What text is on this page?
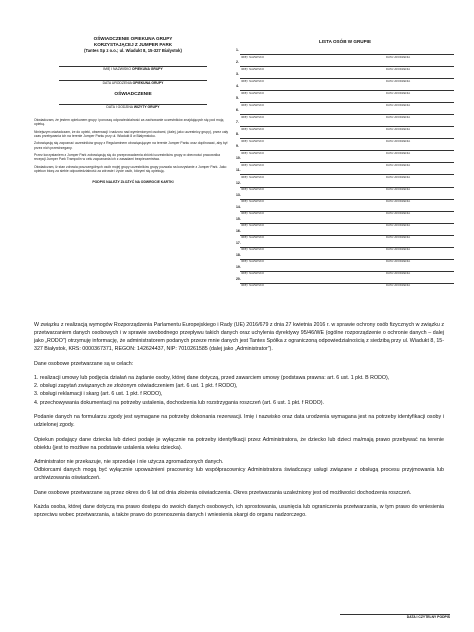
OŚWIADCZENIE OPIEKUNA GRUPY
KORZYSTAJĄCEJ Z JUMPER PARK
(Tantes Sp z o.o.; ul. Wiadukt 8, 15-327 Białystok)
IMIĘ I NAZWISKO OPIEKUNA GRUPY
DATA URODZENIA OPIEKUNA GRUPY
OŚWIADCZENIE
DATA I GODZINA WIZYTY GRUPY

Oświadczam, że jestem opiekunem grupy i ponoszę odpowiedzialność za zachowanie uczestników znajdujących się pod moją opieką.

Niniejszym oświadczam, że do opieki, obserwacji i nadzoru nad wymienionymi osobami, (dalej, jako uczestnicy grupy), przez cały czas przebywania ich na terenie Jumper Parku przy ul. Wiadukt 8 w Białymstoku.

Zobowiązuję się zapoznać uczestników grupy z Regulaminem obowiązującym na terenie Jumper Parku oraz dopilnować, aby był przez nich przestrzegany.

Przez korzystaniem z Jumper Park zobowiązuję się do przeprowadzenia zbiórki uczestników grupy w obecności pracownika recepcji Jumper Park Trampolin w celu zapoznania ich z zasadami bezpieczeństwa.

Oświadczam, iż stan zdrowia poszczególnych osób mojej grupy uczestników grupy pozwala na korzystanie z Jumper Park. Jako opiekun biorę za siebie odpowiedzialność za zdrowie i życie osób, którymi się opiekuję.

PODPIS NALEŻY ZŁOŻYĆ NA ODWROCIE KARTKI
LISTA OSÓB W GRUPIE
1.
IMIĘ I NAZWISKO	DATA URODZENIA
2.
IMIĘ I NAZWISKO	DATA URODZENIA
3.
IMIĘ I NAZWISKO	DATA URODZENIA
4.
IMIĘ I NAZWISKO	DATA URODZENIA
5.
IMIĘ I NAZWISKO	DATA URODZENIA
6.
IMIĘ I NAZWISKO	DATA URODZENIA
7.
IMIĘ I NAZWISKO	DATA URODZENIA
8.
IMIĘ I NAZWISKO	DATA URODZENIA
9.
IMIĘ I NAZWISKO	DATA URODZENIA
10.
IMIĘ I NAZWISKO	DATA URODZENIA
11.
IMIĘ I NAZWISKO	DATA URODZENIA
12.
IMIĘ I NAZWISKO	DATA URODZENIA
13.
IMIĘ I NAZWISKO	DATA URODZENIA
14.
IMIĘ I NAZWISKO	DATA URODZENIA
15.
IMIĘ I NAZWISKO	DATA URODZENIA
16.
IMIĘ I NAZWISKO	DATA URODZENIA
17.
IMIĘ I NAZWISKO	DATA URODZENIA
18.
IMIĘ I NAZWISKO	DATA URODZENIA
19.
IMIĘ I NAZWISKO	DATA URODZENIA
20.
IMIĘ I NAZWISKO	DATA URODZENIA

W związku z realizacją wymogów Rozporządzenia Parlamentu Europejskiego i Rady (UE) 2016/679 z dnia 27 kwietnia 2016 r. w sprawie ochrony osób fizycznych w związku z przetwarzaniem danych osobowych i w sprawie swobodnego przepływu takich danych oraz uchylenia dyrektywy 95/46/WE (ogólne rozporządzenie o ochronie danych – dalej jako „RODO”) otrzymuję informację, że administratorem podanych przeze mnie danych jest Tantes Spółka z ograniczoną odpowiedzialnością z siedzibą przy ul. Wiadukt 8, 15-327 Białystok, KRS: 0000367371, REGON: 142624437, NIP: 7010261585 (dalej jako „Administrator”).

Dane osobowe przetwarzane są w celach:

1. realizacji umowy lub podjęcia działań na żądanie osoby, której dane dotyczą, przed zawarciem umowy (podstawa prawna: art. 6 ust. 1 pkt. B RODO),

2. obsługi zapytań związanych ze złożonym oświadczeniem (art. 6 ust. 1 pkt. f RODO),

3. obsługi reklamacji i skarg (art. 6 ust. 1 pkt. f RODO),

4. przechowywania dokumentacji na potrzeby ustalenia, dochodzenia lub rozstrzygania roszczeń (art. 6 ust. 1 pkt. f RODO).

Podanie danych na formularzu zgody jest wymagane na potrzeby dokonania rezerwacji. Imię i nazwisko oraz data urodzenia wymagana jest na potrzeby identyfikacji osoby i udzielonej zgody.

Opiekun podający dane dziecka lub dzieci podaje je wyłącznie na potrzeby identyfikacji przez Administratora, że dziecko lub dzieci ma/mają prawo przebywać na terenie obiektu (jest to możliwe na podstawie ustalenia wieku dziecka).

Administrator nie przekazuje, nie sprzedaje i nie użycza zgromadzonych danych.

Odbiorcami danych mogą być wyłącznie upoważnieni pracownicy lub współpracownicy Administratora świadczący usługi związane z obsługą procesu przyjmowania lub archiwizowania oświadczeń.

Dane osobowe przetwarzane są przez okres do 6 lat od dnia złożenia oświadczenia. Okres przetwarzania uzależniony jest od możliwości dochodzenia roszczeń.

Każda osoba, której dane dotyczą ma prawo dostępu do swoich danych osobowych, ich sprostowania, usunięcia lub ograniczenia przetwarzania, w tym prawo do wniesienia sprzeciwu wobec przetwarzania, a także prawo do przenoszenia danych i wniesienia skargi do organu nadzorczego.

DATA I CZYTELNY PODPIS
